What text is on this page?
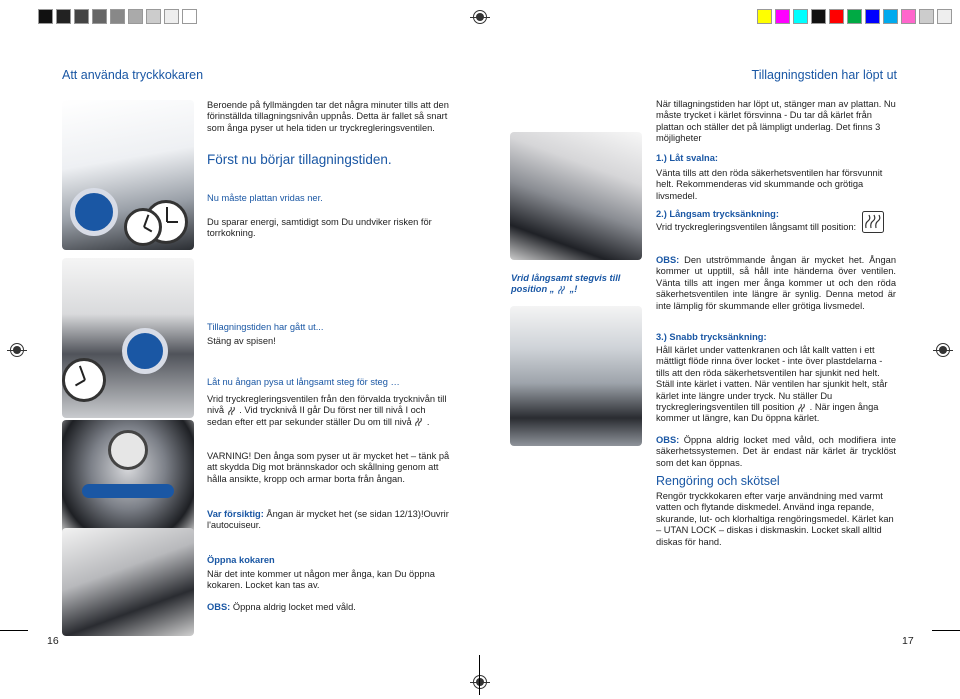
Att använda tryckkokaren
Beroende på fyllmängden tar det några minuter tills att den förinställda tillagningsnivån uppnås. Detta är fallet så snart som ånga pyser ut hela tiden ur tryckregleringsventilen.
Först nu börjar tillagningstiden.
Nu måste plattan vridas ner.
Du sparar energi, samtidigt som Du undviker risken för torrkokning.
Tillagningstiden har gått ut...
Stäng av spisen!
Låt nu ångan pysa ut långsamt steg för steg …
Vrid tryckregleringsventilen från den förvalda trycknivån till nivå . Vid trycknivå II går Du först ner till nivå I och sedan efter ett par sekunder ställer Du om till nivå .
VARNING! Den ånga som pyser ut är mycket het – tänk på att skydda Dig mot brännskador och skållning genom att hålla ansikte, kropp och armar borta från ångan.
Var försiktig: Ångan är mycket het (se sidan 12/13)!Ouvrir l'autocuiseur.
Öppna kokaren
När det inte kommer ut någon mer ånga, kan Du öppna kokaren. Locket kan tas av.
OBS: Öppna aldrig locket med våld.
16
Vrid långsamt stegvis till
position „ „!
Tillagningstiden har löpt ut
När tillagningstiden har löpt ut, stänger man av plattan. Nu måste trycket i kärlet försvinna - Du tar då kärlet från plattan och ställer det på lämpligt underlag. Det finns 3 möjligheter
1.) Låt svalna:
Vänta tills att den röda säkerhetsventilen har försvunnit helt. Rekommenderas vid skummande och grötiga livsmedel.
2.) Långsam trycksänkning:
Vrid tryckregleringsventilen långsamt till position:
OBS: Den utströmmande ångan är mycket het. Ångan kommer ut upptill, så håll inte händerna över ventilen. Vänta tills att ingen mer ånga kommer ut och den röda säkerhetsventilen inte längre är synlig. Denna metod är inte lämplig för skummande eller grötiga livsmedel.
3.) Snabb trycksänkning:
Håll kärlet under vattenkranen och låt kallt vatten i ett mättligt flöde rinna över locket - inte över plastdelarna - tills att den röda säkerhetsventilen har sjunkit ned helt. Ställ inte kärlet i vatten. När ventilen har sjunkit helt, står kärlet inte längre under tryck. Nu ställer Du tryckregleringsventilen till position . När ingen ånga kommer ut längre, kan Du öppna kärlet.
OBS: Öppna aldrig locket med våld, och modifiera inte säkerhetssystemen. Det är endast när kärlet är trycklöst som det kan öppnas.
Rengöring och skötsel
Rengör tryckkokaren efter varje användning med varmt vatten och flytande diskmedel. Använd inga repande, skurande, lut- och klorhaltiga rengöringsmedel. Kärlet kan – UTAN LOCK – diskas i diskmaskin. Locket skall alltid diskas för hand.
17
